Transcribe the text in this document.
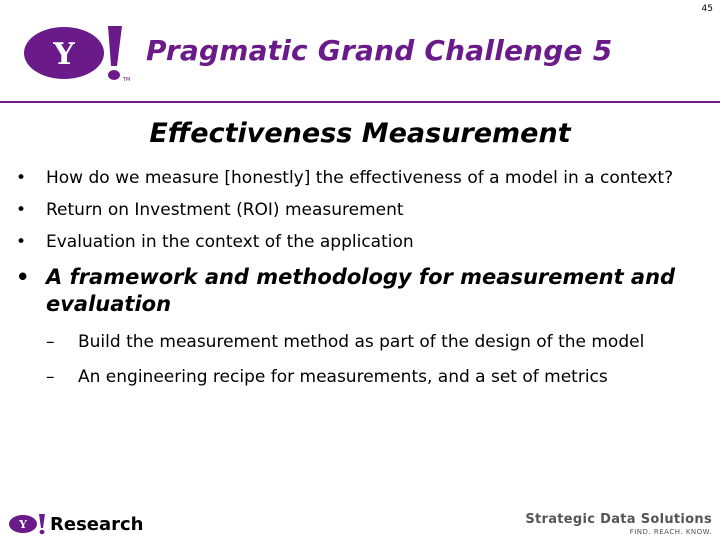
45
Y
TM
Pragmatic Grand Challenge 5
Effectiveness Measurement
• How do we measure [honestly] the effectiveness of a model in a context?
• Return on Investment (ROI) measurement
• Evaluation in the context of the application
• A framework and methodology for measurement and evaluation
– Build the measurement method as part of the design of the model
– An engineering recipe for measurements, and a set of metrics
Y Research	Strategic Data Solutions
FIND. REACH. KNOW.
